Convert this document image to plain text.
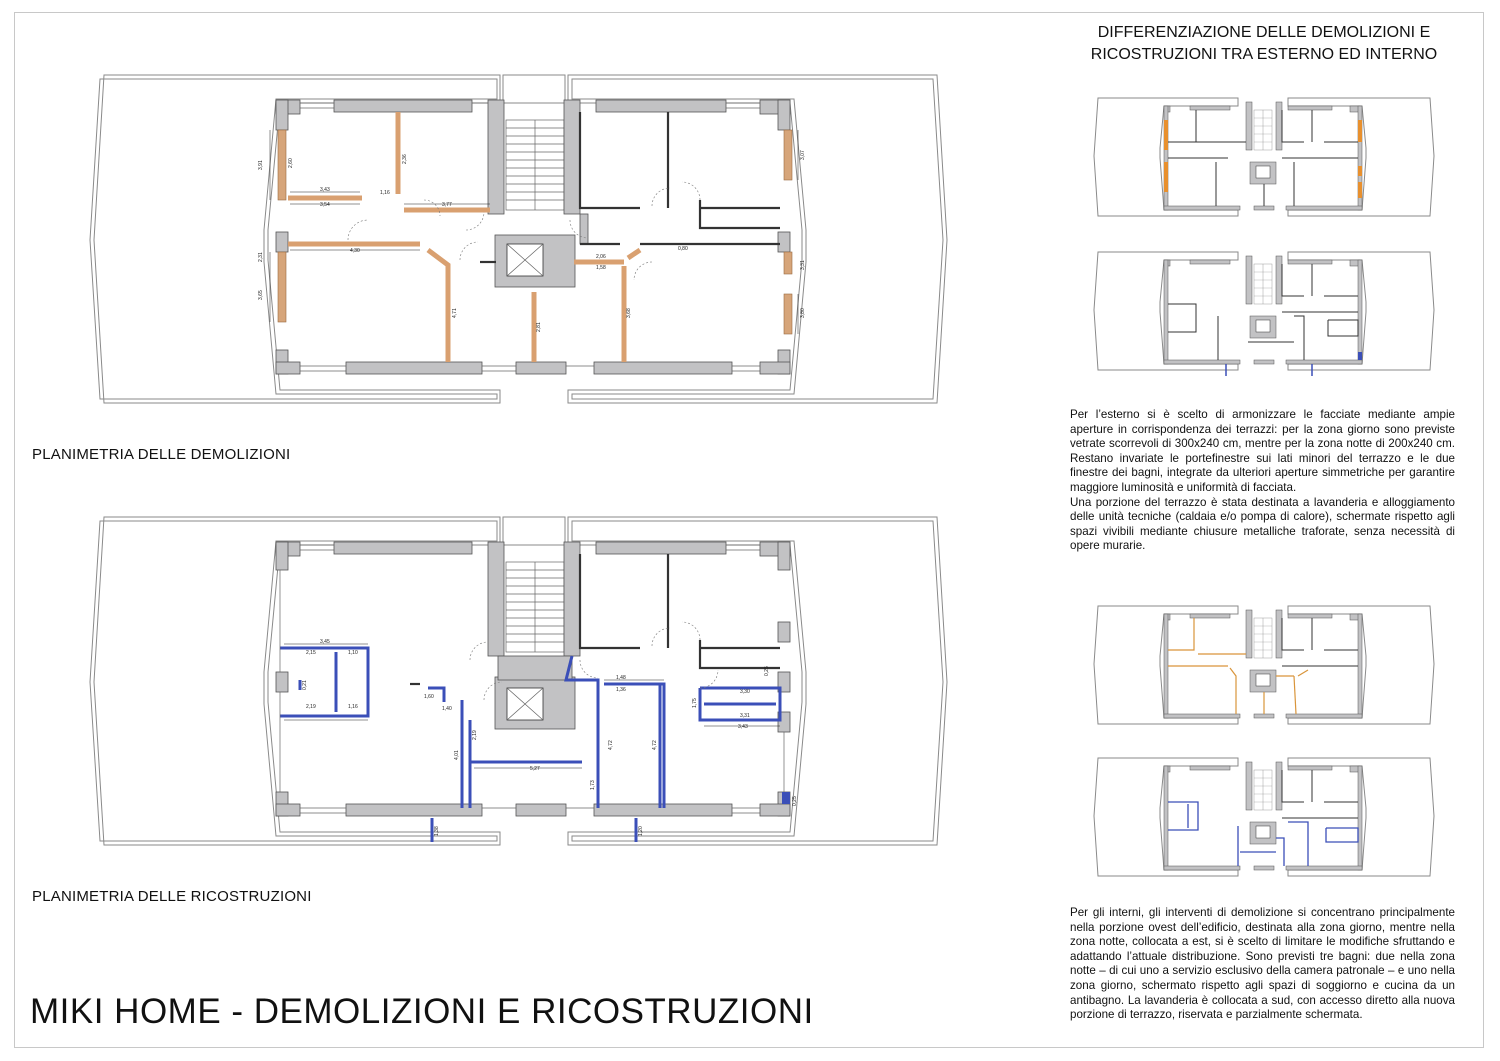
3,91	2,60
3,43	1,16
3,54	3,77
2,36	3,07
4,30
4,71
2,81
2,06
1,58
0,80
3,68	3,80
3,65
3,31
2,31
PLANIMETRIA DELLE DEMOLIZIONI
3,45
2,15	1,10
2,19	1,16
0,21
1,60
1,40
4,01
2,19
5,27
1,73
1,48
1,36
4,72	4,72
3,30
3,31
3,43
0,25
1,75
1,38
0,25
1,20
PLANIMETRIA DELLE RICOSTRUZIONI
MIKI HOME - DEMOLIZIONI E RICOSTRUZIONI
DIFFERENZIAZIONE DELLE DEMOLIZIONI E
RICOSTRUZIONI TRA ESTERNO ED INTERNO
Per l’esterno si è scelto di armonizzare le facciate mediante ampie aperture in corrispondenza dei terrazzi: per la zona giorno sono previste vetrate scorrevoli di 300x240 cm, mentre per la zona notte di 200x240 cm. Restano invariate le portefinestre sui lati minori del terrazzo e le due finestre dei bagni, integrate da ulteriori aperture simmetriche per garantire maggiore luminosità e uniformità di facciata.
Una porzione del terrazzo è stata destinata a lavanderia e alloggiamento delle unità tecniche (caldaia e/o pompa di calore), schermate rispetto agli spazi vivibili mediante chiusure metalliche traforate, senza necessità di opere murarie.
Per gli interni, gli interventi di demolizione si concentrano principalmente nella porzione ovest dell’edificio, destinata alla zona giorno, mentre nella zona notte, collocata a est, si è scelto di limitare le modifiche sfruttando e adattando l’attuale distribuzione. Sono previsti tre bagni: due nella zona notte – di cui uno a servizio esclusivo della camera patronale – e uno nella zona giorno, schermato rispetto agli spazi di soggiorno e cucina da un antibagno. La lavanderia è collocata a sud, con accesso diretto alla nuova porzione di terrazzo, riservata e parzialmente schermata.
